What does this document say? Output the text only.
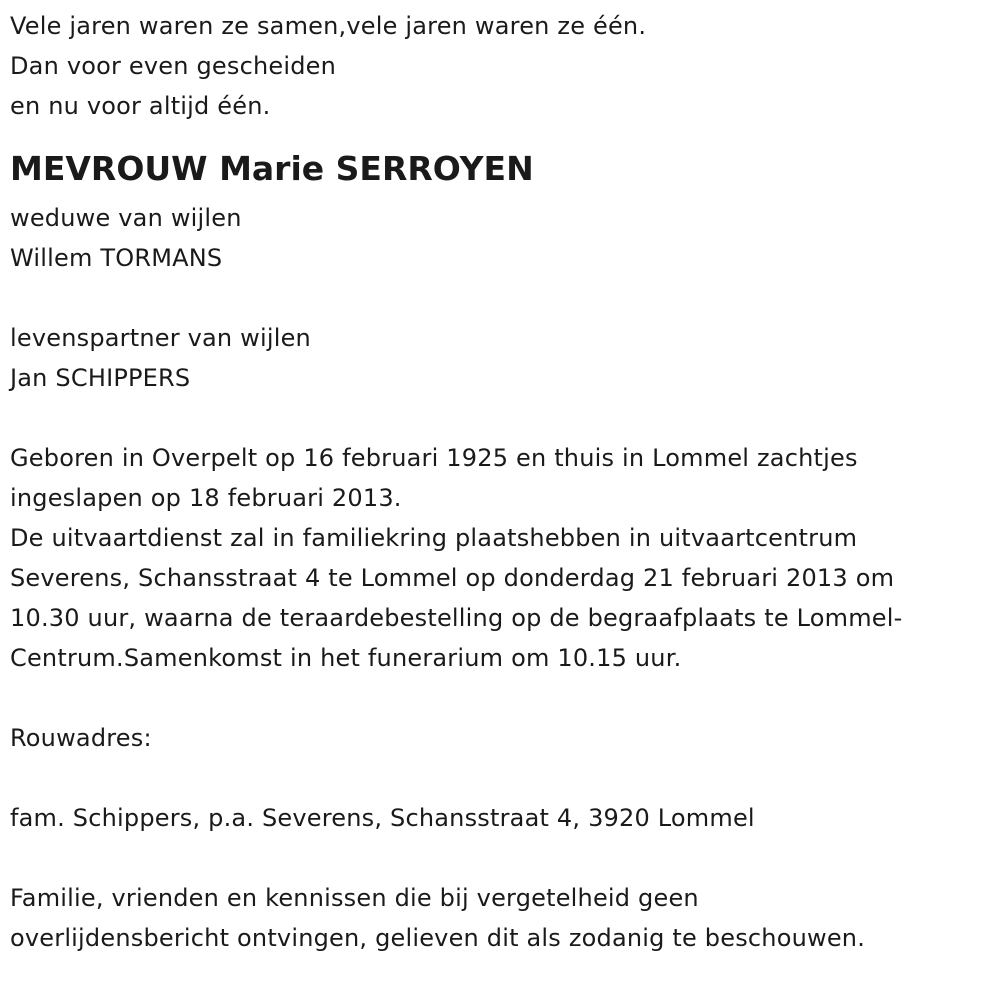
Vele jaren waren ze samen,vele jaren waren ze één.
Dan voor even gescheiden
en nu voor altijd één.
MEVROUW Marie SERROYEN
weduwe van wijlen
Willem TORMANS
levenspartner van wijlen
Jan SCHIPPERS
Geboren in Overpelt op 16 februari 1925 en thuis in Lommel zachtjes
ingeslapen op 18 februari 2013.
De uitvaartdienst zal in familiekring plaatshebben in uitvaartcentrum
Severens, Schansstraat 4 te Lommel op donderdag 21 februari 2013 om
10.30 uur, waarna de teraardebestelling op de begraafplaats te Lommel-
Centrum.Samenkomst in het funerarium om 10.15 uur.
Rouwadres:
fam. Schippers, p.a. Severens, Schansstraat 4, 3920 Lommel
Familie, vrienden en kennissen die bij vergetelheid geen
overlijdensbericht ontvingen, gelieven dit als zodanig te beschouwen.
